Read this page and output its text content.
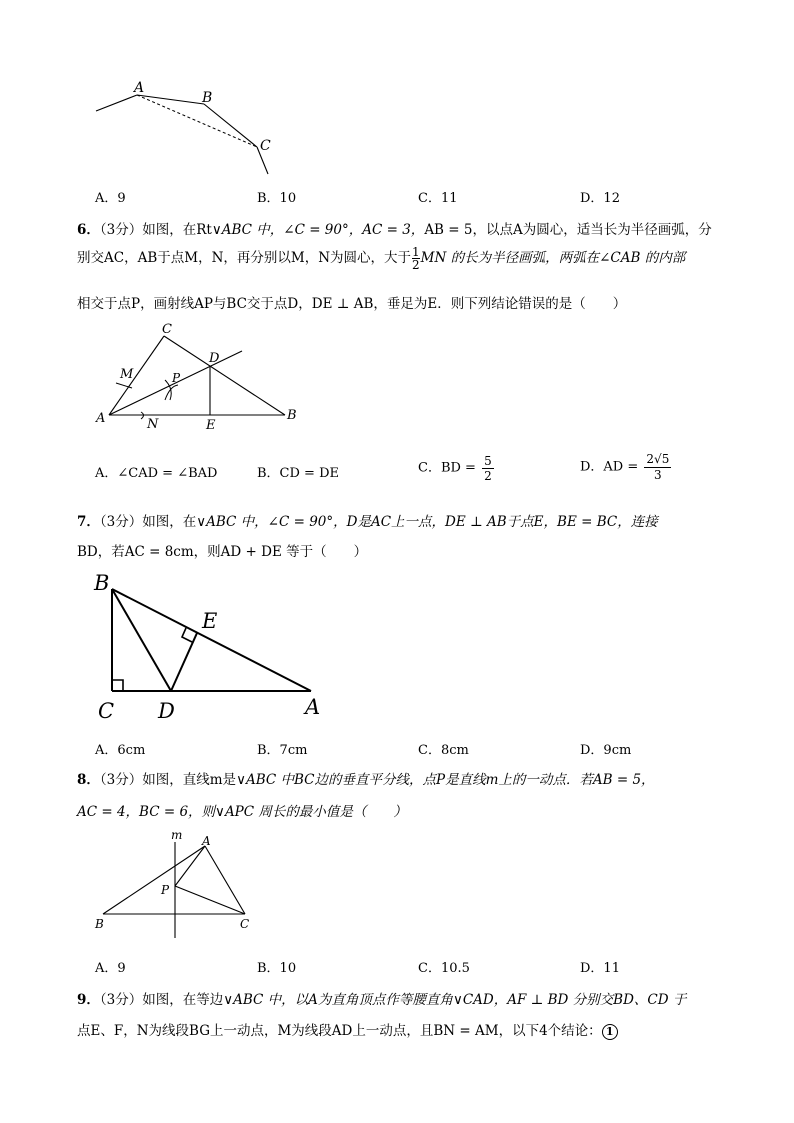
A
B
C
A．9	B．10	C．11	D．12
6．（3分）如图，在Rt∨ABC 中，∠C = 90°，AC = 3，AB = 5，以点A为圆心，适当长为半径画弧，分
别交AC，AB于点M，N，再分别以M，N为圆心，大于 $\frac{1}{2}$ MN 的长为半径画弧，两弧在∠CAB 的内部
相交于点P，画射线AP与BC交于点D，DE ⊥ AB，垂足为E．则下列结论错误的是（　　）
C
D
M	P
A	N	E
B
A．∠CAD = ∠BAD	B．CD = DE	C．BD = $\frac{5}{2}$	D．AD = $\frac{2√5}{3}$
7．（3分）如图，在∨ABC 中，∠C = 90°，D是AC上一点，DE ⊥ AB于点E，BE = BC，连接
BD，若AC = 8cm，则AD + DE 等于（　　）
B
E
C D	A
A．6cm	B．7cm	C．8cm	D．9cm
8．（3分）如图，直线m是∨ABC 中BC边的垂直平分线，点P是直线m上的一动点．若AB = 5，
AC = 4，BC = 6，则∨APC 周长的最小值是（　　）
m A
P
B	C
A．9	B．10	C．10.5	D．11
9．（3分）如图，在等边∨ABC 中，以A为直角顶点作等腰直角∨CAD，AF ⊥ BD 分别交BD、CD 于
点E、F，N为线段BG上一动点，M为线段AD上一动点，且BN = AM，以下4个结论： 1
